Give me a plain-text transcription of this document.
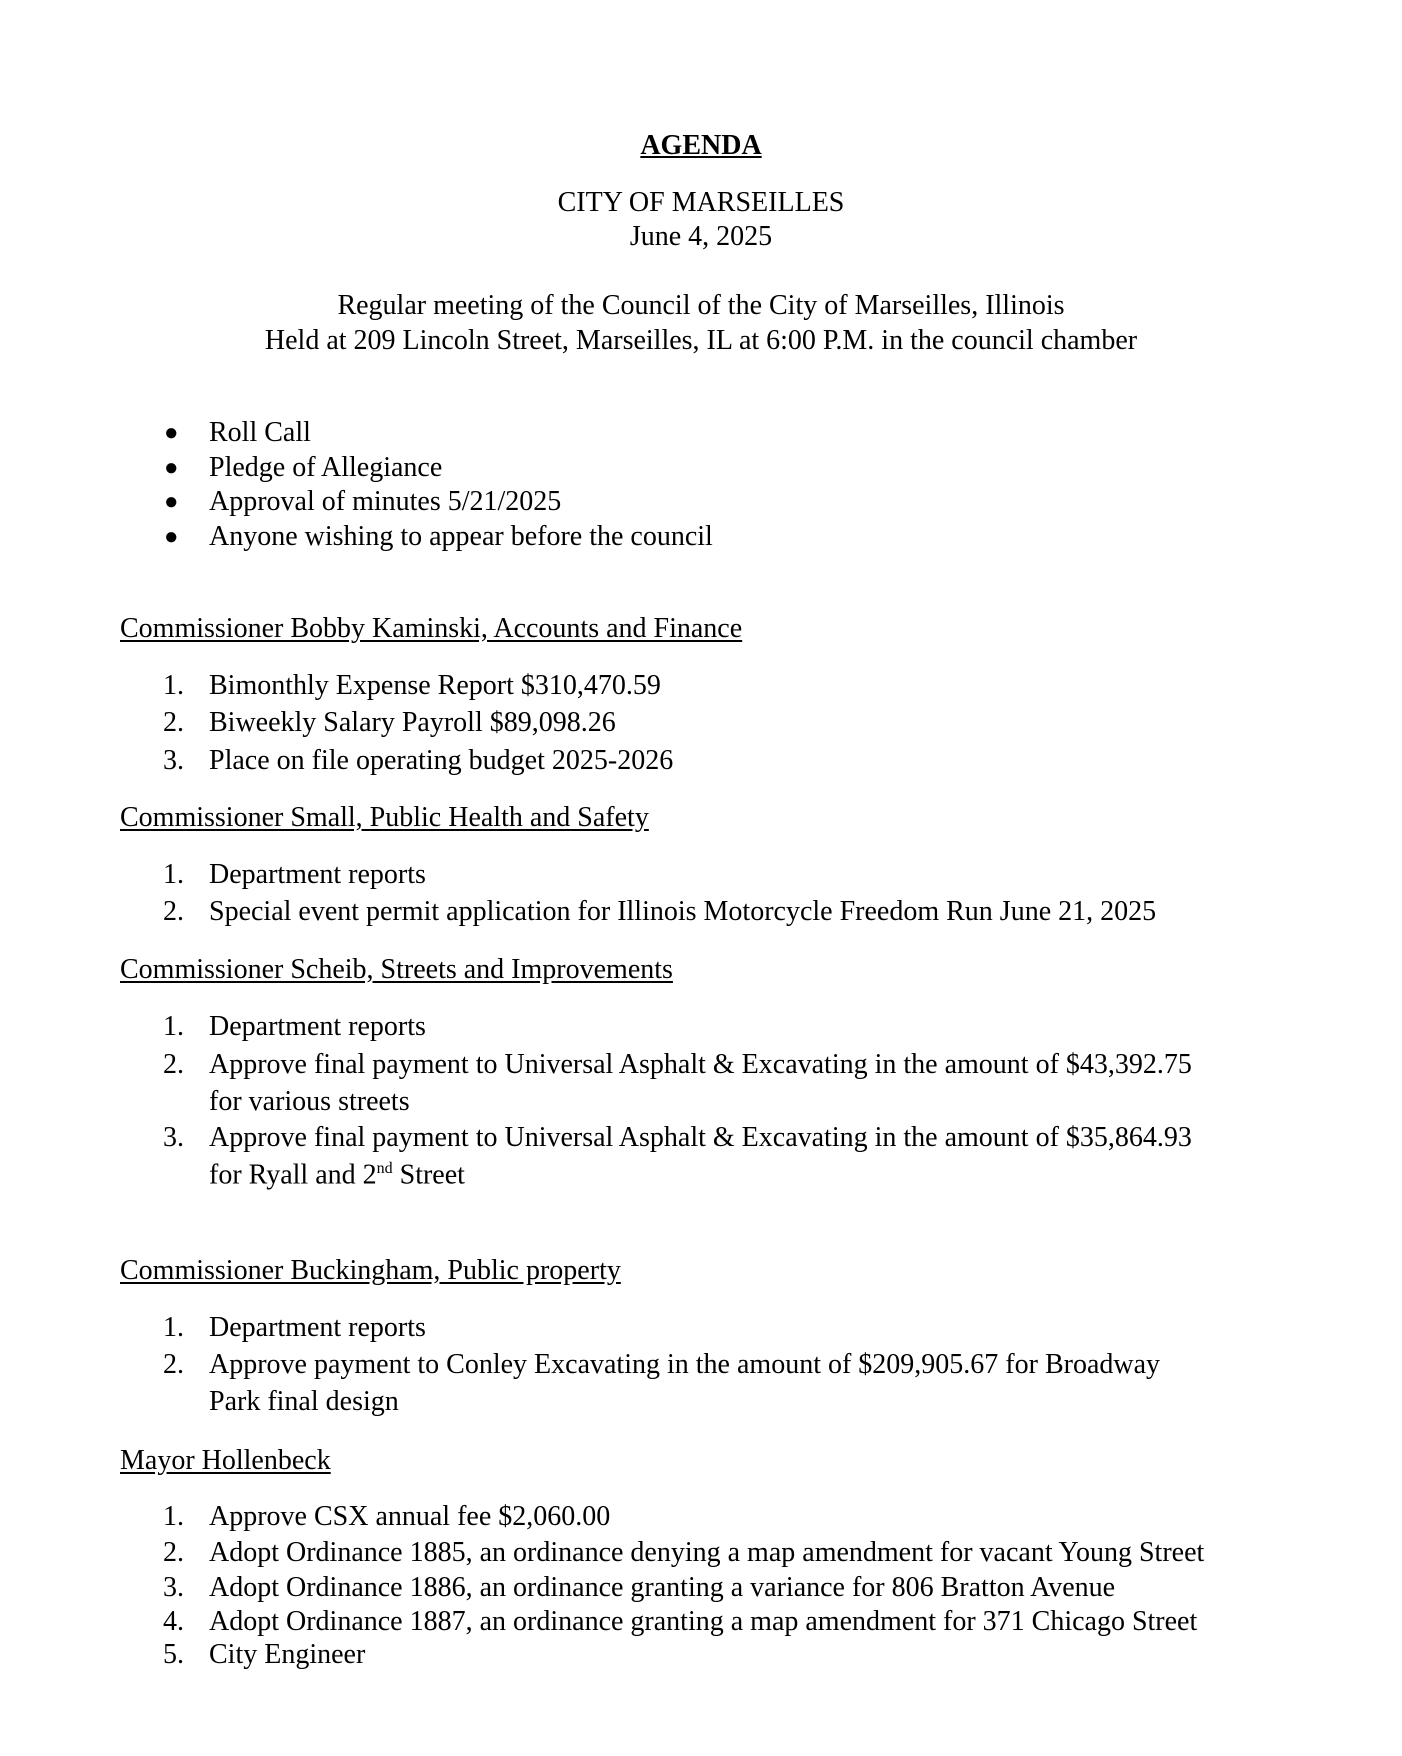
AGENDA
CITY OF MARSEILLES
June 4, 2025
Regular meeting of the Council of the City of Marseilles, Illinois
Held at 209 Lincoln Street, Marseilles, IL at 6:00 P.M. in the council chamber
● Roll Call
● Pledge of Allegiance
● Approval of minutes 5/21/2025
● Anyone wishing to appear before the council
Commissioner Bobby Kaminski, Accounts and Finance
1. Bimonthly Expense Report $310,470.59
2. Biweekly Salary Payroll $89,098.26
3. Place on file operating budget 2025-2026
Commissioner Small, Public Health and Safety
1. Department reports
2. Special event permit application for Illinois Motorcycle Freedom Run June 21, 2025
Commissioner Scheib, Streets and Improvements
1. Department reports
2. Approve final payment to Universal Asphalt & Excavating in the amount of $43,392.75
for various streets
3. Approve final payment to Universal Asphalt & Excavating in the amount of $35,864.93
for Ryall and 2nd Street
Commissioner Buckingham, Public property
1. Department reports
2. Approve payment to Conley Excavating in the amount of $209,905.67 for Broadway
Park final design
Mayor Hollenbeck
1. Approve CSX annual fee $2,060.00
2. Adopt Ordinance 1885, an ordinance denying a map amendment for vacant Young Street
3. Adopt Ordinance 1886, an ordinance granting a variance for 806 Bratton Avenue
4. Adopt Ordinance 1887, an ordinance granting a map amendment for 371 Chicago Street
5. City Engineer
